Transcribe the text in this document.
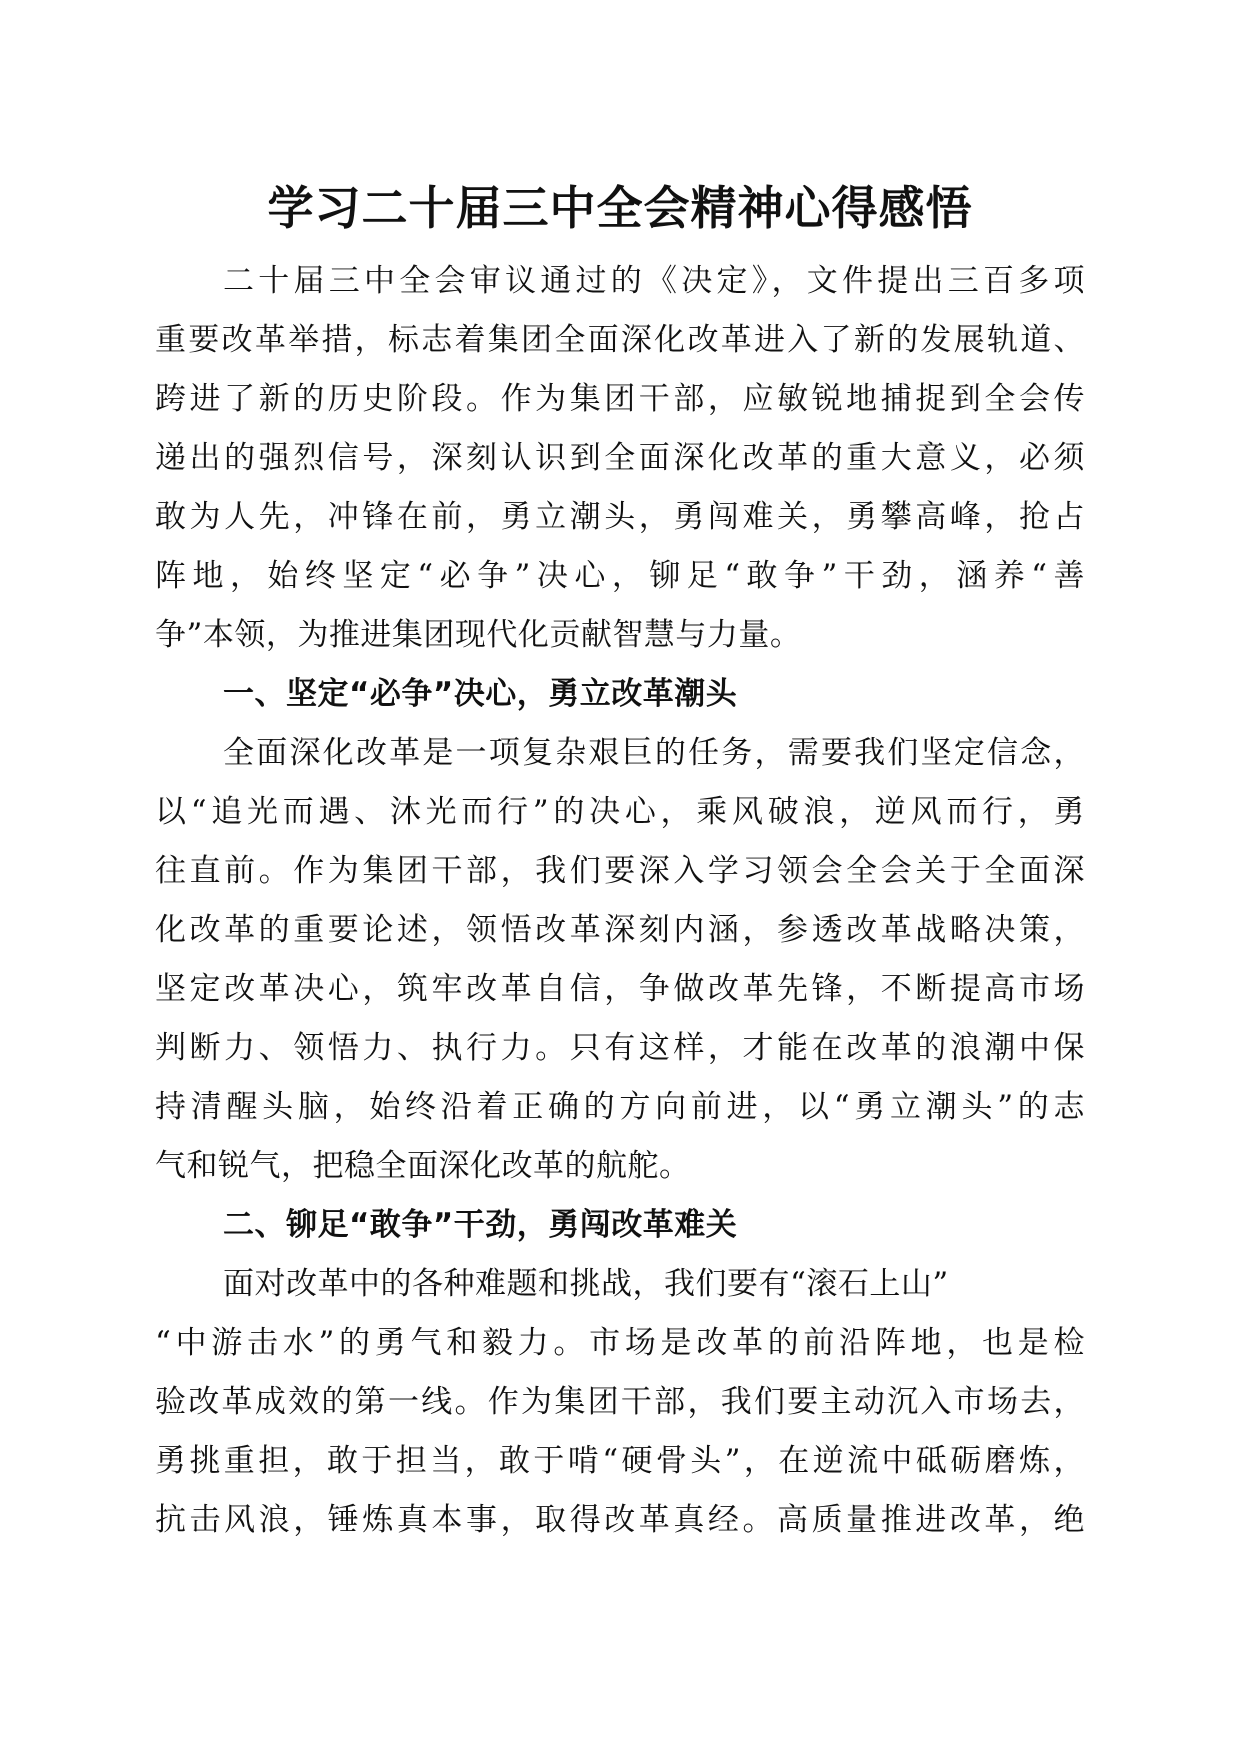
学习二十届三中全会精神心得感悟
二十届三中全会审议通过的《决定》，文件提出三百多项
重要改革举措，标志着集团全面深化改革进入了新的发展轨道、
跨进了新的历史阶段。作为集团干部，应敏锐地捕捉到全会传
递出的强烈信号，深刻认识到全面深化改革的重大意义，必须
敢为人先，冲锋在前，勇立潮头，勇闯难关，勇攀高峰，抢占
阵地，始终坚定“必争”决心，铆足“敢争”干劲，涵养“善
争”本领，为推进集团现代化贡献智慧与力量。
一、坚定“必争”决心，勇立改革潮头
全面深化改革是一项复杂艰巨的任务，需要我们坚定信念，
以“追光而遇、沐光而行”的决心，乘风破浪，逆风而行，勇
往直前。作为集团干部，我们要深入学习领会全会关于全面深
化改革的重要论述，领悟改革深刻内涵，参透改革战略决策，
坚定改革决心，筑牢改革自信，争做改革先锋，不断提高市场
判断力、领悟力、执行力。只有这样，才能在改革的浪潮中保
持清醒头脑，始终沿着正确的方向前进，以“勇立潮头”的志
气和锐气，把稳全面深化改革的航舵。
二、铆足“敢争”干劲，勇闯改革难关
面对改革中的各种难题和挑战，我们要有“滚石上山”
“中游击水”的勇气和毅力。市场是改革的前沿阵地，也是检
验改革成效的第一线。作为集团干部，我们要主动沉入市场去，
勇挑重担，敢于担当，敢于啃“硬骨头”，在逆流中砥砺磨炼，
抗击风浪，锤炼真本事，取得改革真经。高质量推进改革，绝
